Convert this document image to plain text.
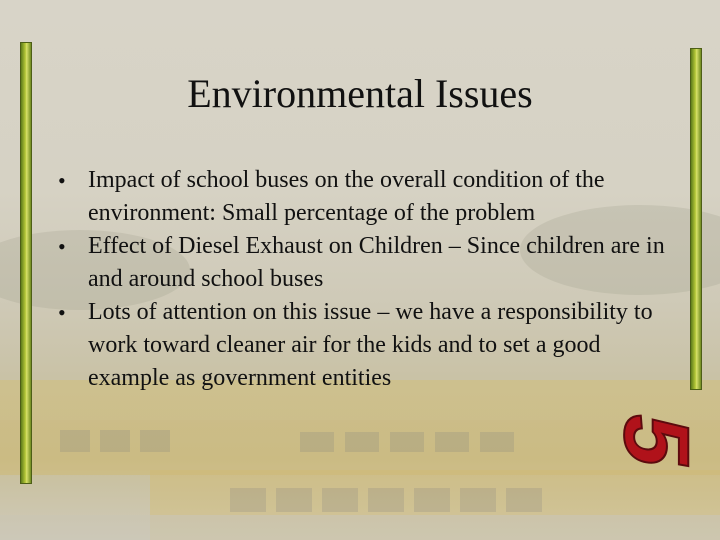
Environmental Issues
• Impact of school buses on the overall condition of the environment: Small percentage of the problem
• Effect of Diesel Exhaust on Children – Since children are in and around school buses
• Lots of attention on this issue – we have a responsibility to work toward cleaner air for the kids and to set a good example as government entities
5
